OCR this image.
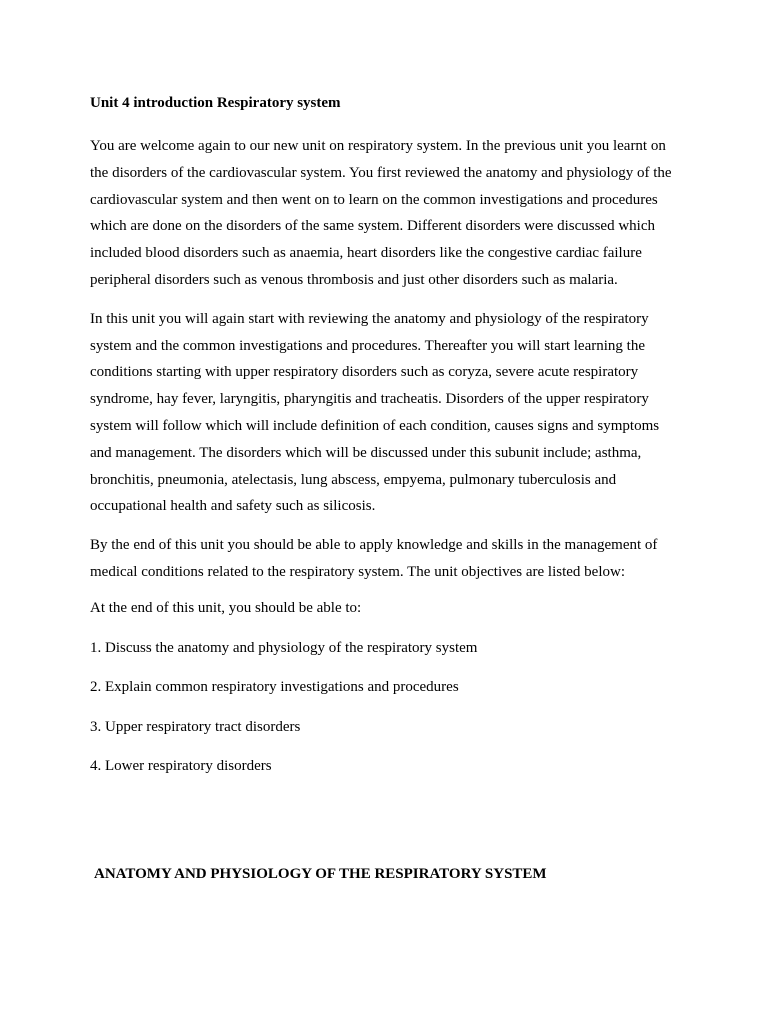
Unit 4 introduction Respiratory system

You are welcome again to our new unit on respiratory system. In the previous unit you learnt on the disorders of the cardiovascular system. You first reviewed the anatomy and physiology of the cardiovascular system and then went on to learn on the common investigations and procedures which are done on the disorders of the same system. Different disorders were discussed which included blood disorders such as anaemia, heart disorders like the congestive cardiac failure peripheral disorders such as venous thrombosis and just other disorders such as malaria.

In this unit you will again start with reviewing the anatomy and physiology of the respiratory system and the common investigations and procedures. Thereafter you will start learning the conditions starting with upper respiratory disorders such as coryza, severe acute respiratory syndrome, hay fever, laryngitis, pharyngitis and tracheatis. Disorders of the upper respiratory system will follow which will include definition of each condition, causes signs and symptoms and management. The disorders which will be discussed under this subunit include; asthma, bronchitis, pneumonia, atelectasis, lung abscess, empyema, pulmonary tuberculosis and occupational health and safety such as silicosis.

By the end of this unit you should be able to apply knowledge and skills in the management of medical conditions related to the respiratory system. The unit objectives are listed below:

At the end of this unit, you should be able to:

1. Discuss the anatomy and physiology of the respiratory system

2. Explain common respiratory investigations and procedures

3. Upper respiratory tract disorders

4. Lower respiratory disorders

ANATOMY AND PHYSIOLOGY OF THE RESPIRATORY SYSTEM
